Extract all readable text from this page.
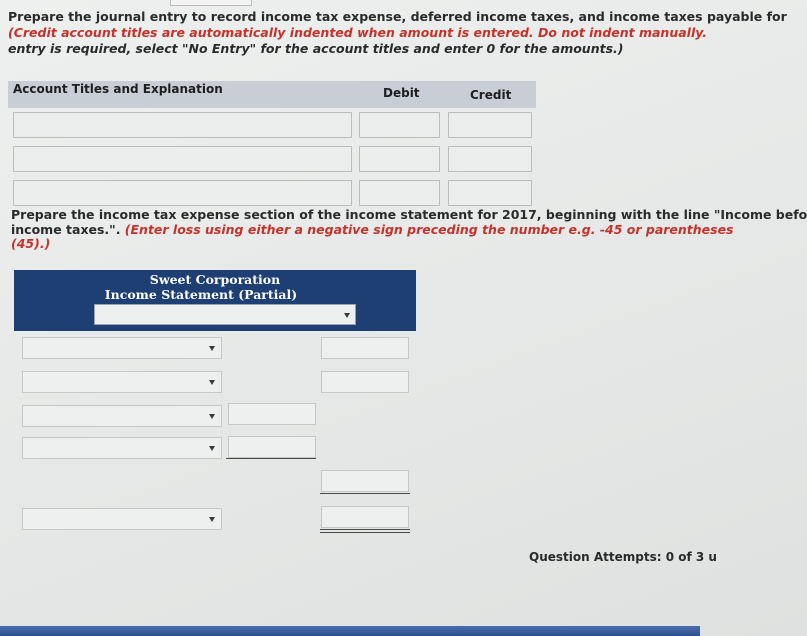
Prepare the journal entry to record income tax expense, deferred income taxes, and income taxes payable for
(Credit account titles are automatically indented when amount is entered. Do not indent manually.
entry is required, select "No Entry" for the account titles and enter 0 for the amounts.)
Account Titles and Explanation	Debit	Credit
Prepare the income tax expense section of the income statement for 2017, beginning with the line "Income befo
income taxes.". (Enter loss using either a negative sign preceding the number e.g. -45 or parentheses
(45).)
Sweet Corporation
Income Statement (Partial)
Question Attempts: 0 of 3 u
